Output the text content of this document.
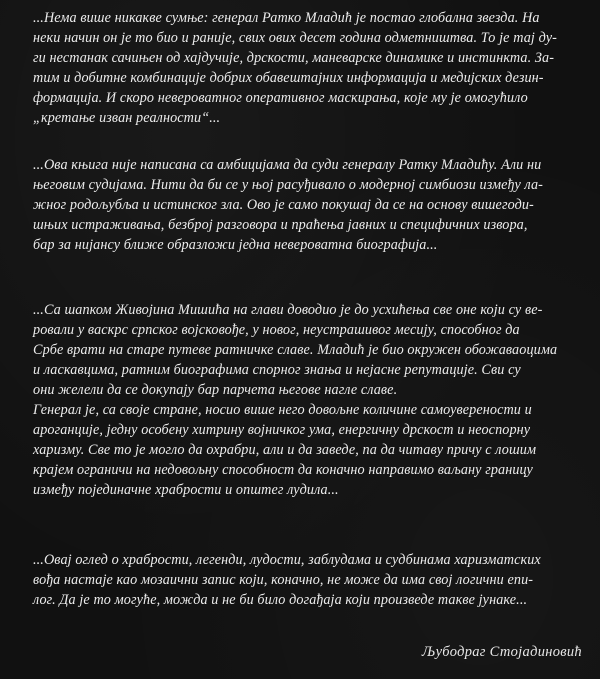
...Нема више никакве сумње: генерал Ратко Младић је постао глобална звезда. На
неки начин он је то био и раније, свих ових десет година одметништва. То је тај ду-
ги нестанак сачињен од хајдучије, дрскости, маневарске динамике и инстинкта. За-
тим и добитне комбинације добрих обавештајних информација и медијских дезин-
формација. И скоро невероватног оперативног маскирања, које му је омогућило
„кретање изван реалности“...

...Ова књига није написана са амбицијама да суди генералу Ратку Младићу. Али ни
његовим судијама. Нити да би се у њој расуђивало о модерној симбиози између ла-
жног родољубља и истинског зла. Ово је само покушај да се на основу вишегоди-
шњих истраживања, безброј разговора и праћења јавних и специфичних извора,
бар за нијансу ближе образложи једна невероватна биографија...

...Са шапком Живојина Мишића на глави доводио је до усхићења све оне који су ве-
ровали у васкрс српског војсковође, у новог, неустрашивог месију, способног да
Србе врати на старе путеве ратничке славе. Младић је био окружен обожаваоцима
и ласкавцима, ратним биографима спорног знања и нејасне репутације. Сви су
они желели да се докупају бар парчета његове нагле славе.
Генерал је, са своје стране, носио више него довољне количине самоуверености и
ароганције, једну особену хитрину војничког ума, енергичну дрскост и неоспорну
харизму. Све то је могло да охрабри, али и да заведе, па да читаву причу с лошим
крајем ограничи на недовољну способност да коначно направимо ваљану границу
између појединачне храбрости и општег лудила...

...Овај оглед о храбрости, легенди, лудости, заблудама и судбинама харизматских
вођа настаје као мозаични запис који, коначно, не може да има свој логични епи-
лог. Да је то могуће, можда и не би било догађаја који произведе такве јунаке...

Љубодраг Стојадиновић
